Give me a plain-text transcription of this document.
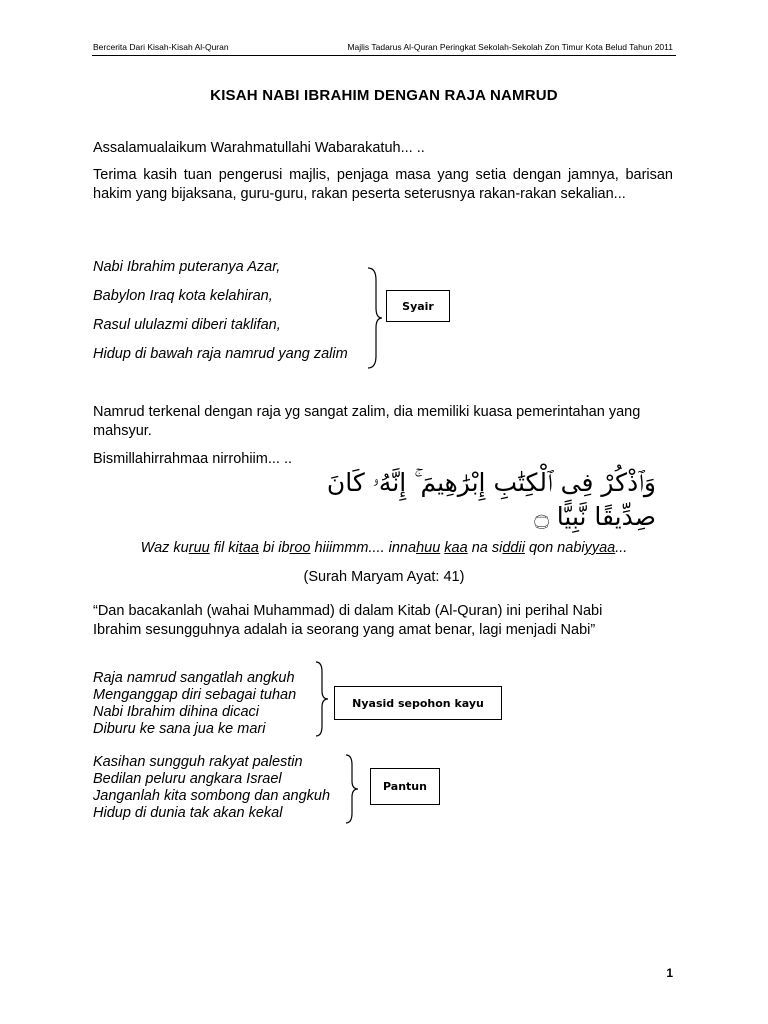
Bercerita Dari Kisah-Kisah Al-Quran	Majlis Tadarus Al-Quran Peringkat Sekolah-Sekolah Zon Timur Kota Belud Tahun 2011
KISAH NABI IBRAHIM DENGAN RAJA NAMRUD
Assalamualaikum Warahmatullahi Wabarakatuh... ..
Terima kasih tuan pengerusi majlis, penjaga masa yang setia dengan jamnya, barisan hakim yang bijaksana, guru-guru, rakan peserta seterusnya rakan-rakan sekalian...
Nabi Ibrahim puteranya Azar,
Babylon Iraq kota kelahiran,
Rasul ululazmi diberi taklifan,
Hidup di bawah raja namrud yang zalim
Syair
Namrud terkenal dengan raja yg sangat zalim, dia memiliki kuasa pemerintahan yang mahsyur.
Bismillahirrahmaa nirrohiim... ..
وَٱذْكُرْ فِى ٱلْكِتَٰبِ إِبْرَٰهِيمَ ۚ إِنَّهُۥ كَانَ
صِدِّيقًا نَّبِيًّا ۝
Waz kuruu fil kitaa bi ibroo hiiimmm.... innahuu kaa na siddii qon nabiyyaa...
(Surah Maryam Ayat: 41)
“Dan bacakanlah (wahai Muhammad) di dalam Kitab (Al-Quran) ini perihal Nabi Ibrahim sesungguhnya adalah ia seorang yang amat benar, lagi menjadi Nabi”
Raja namrud sangatlah angkuh
Menganggap diri sebagai tuhan
Nabi Ibrahim dihina dicaci
Diburu ke sana jua ke mari
Nyasid sepohon kayu
Kasihan sungguh rakyat palestin
Bedilan peluru angkara Israel
Janganlah kita sombong dan angkuh
Hidup di dunia tak akan kekal
Pantun
1
